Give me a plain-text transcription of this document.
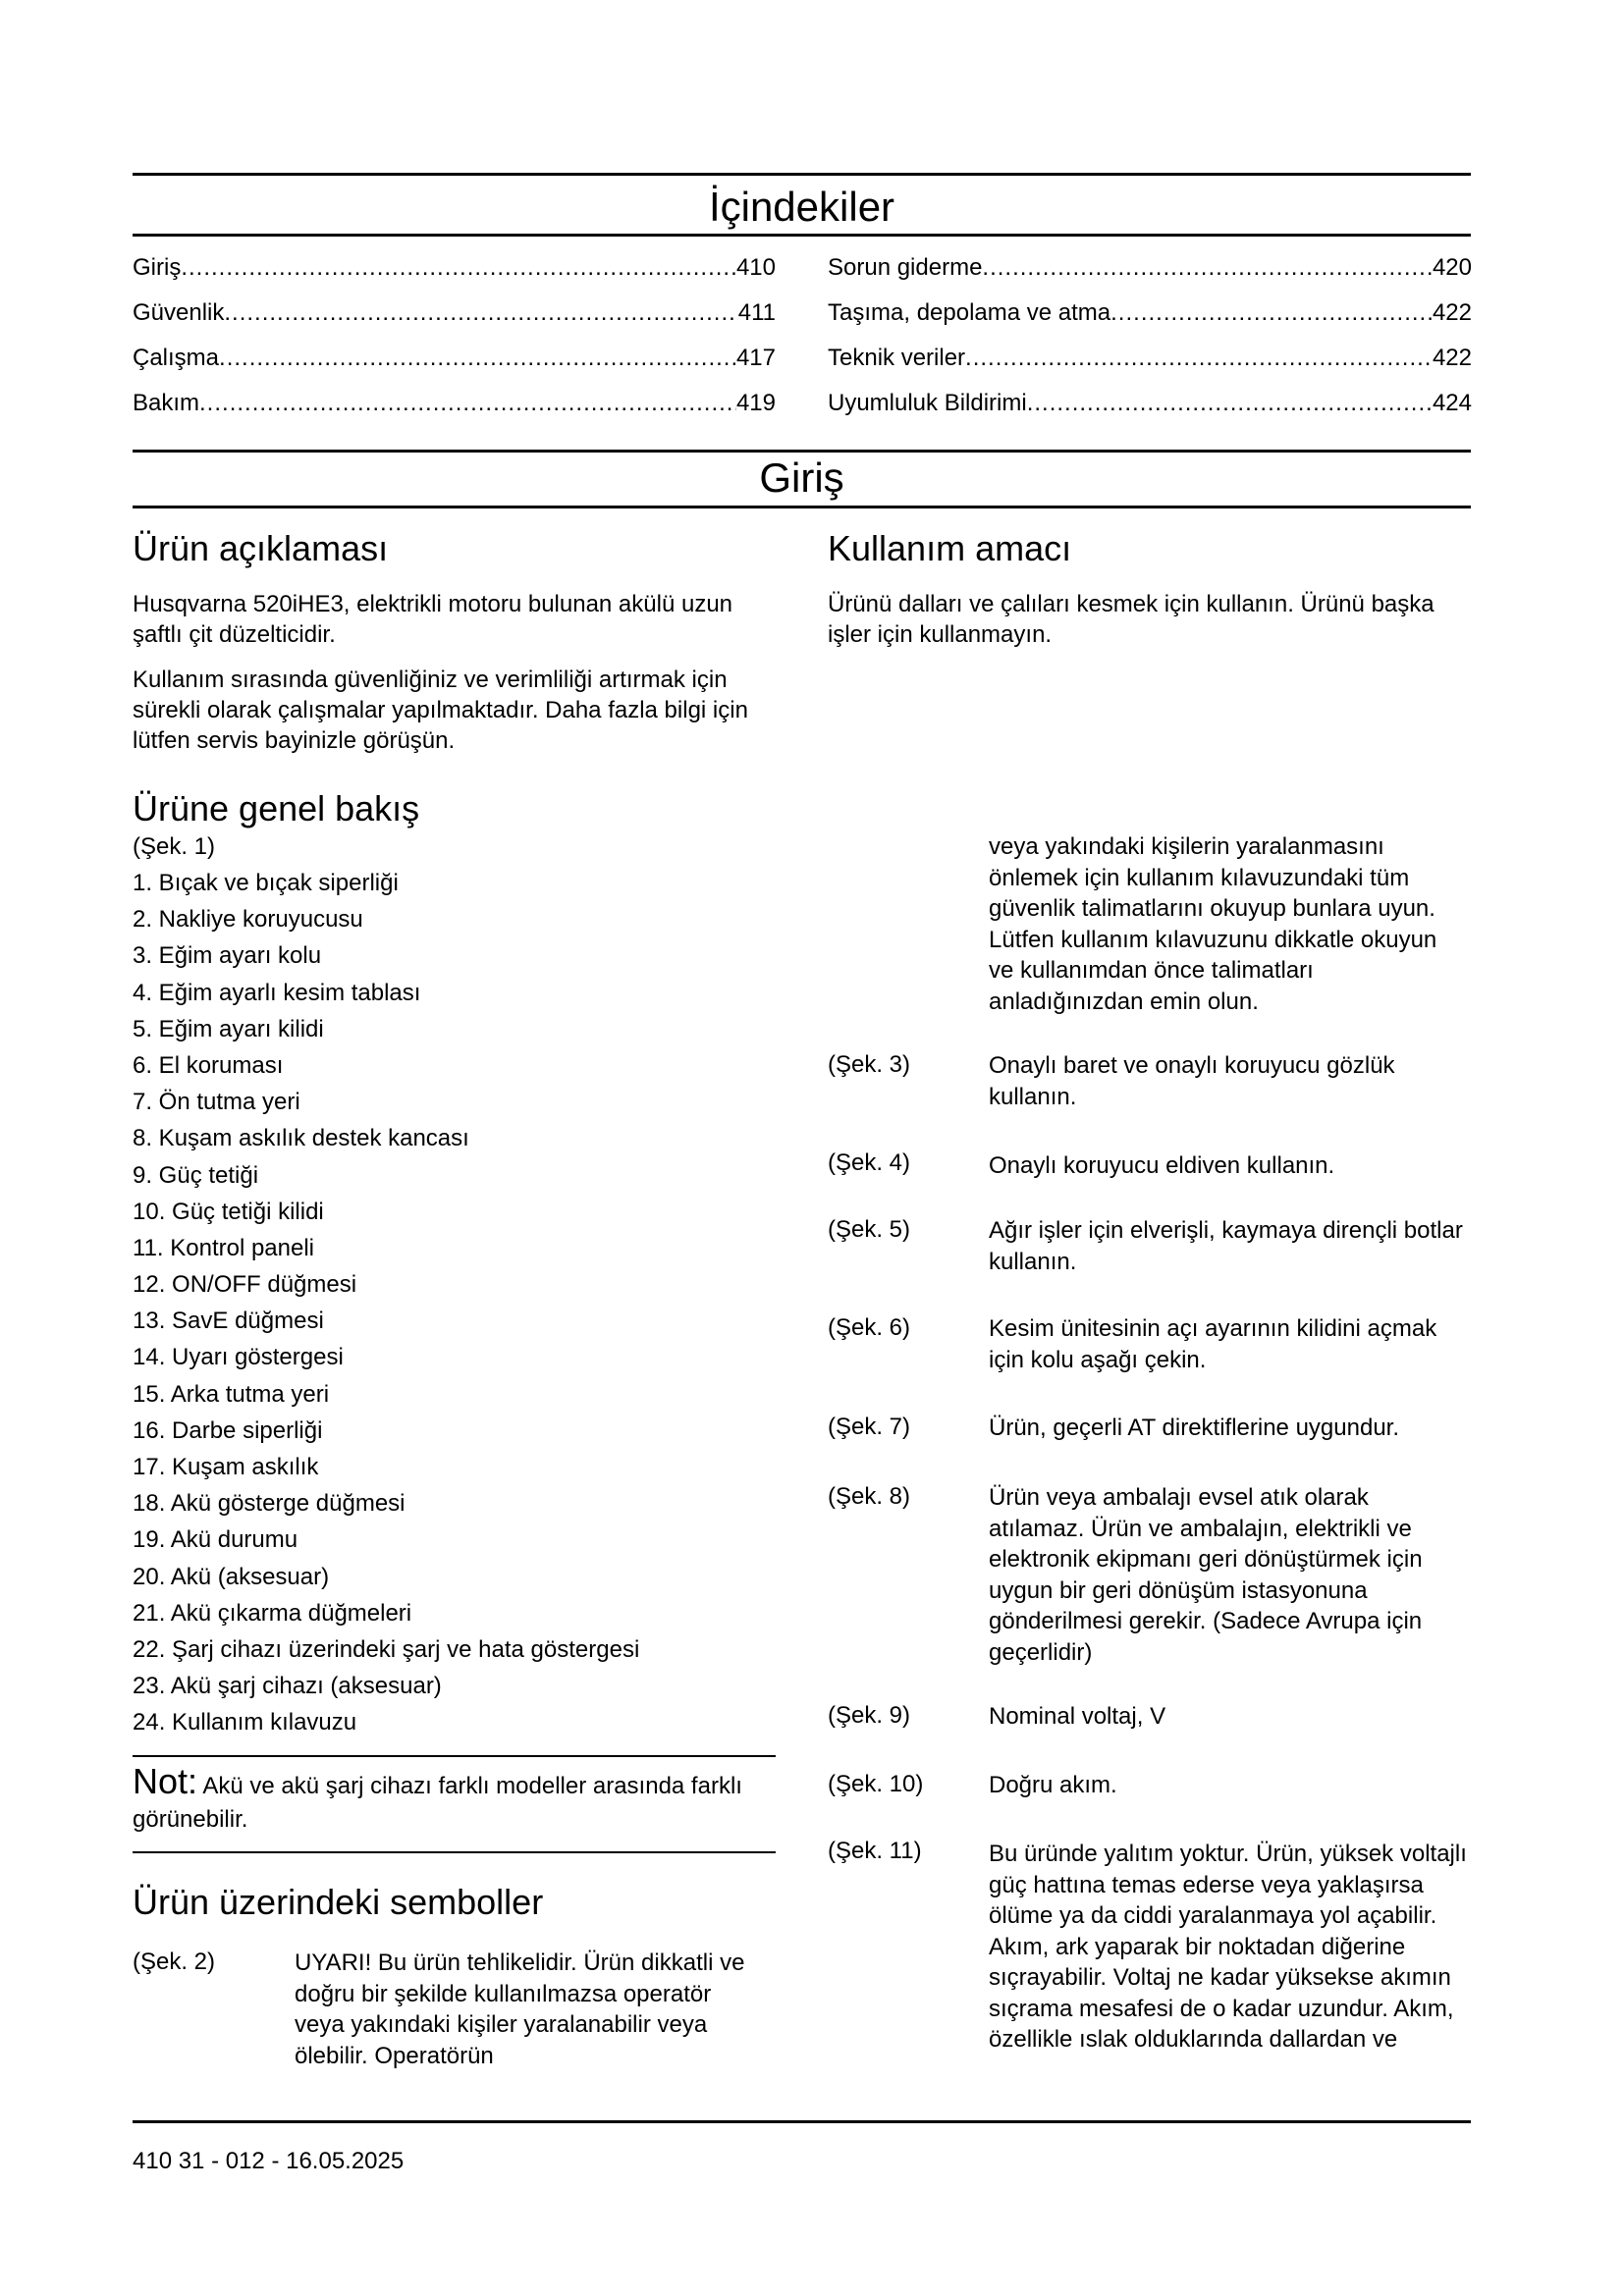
İçindekiler
Giriş .....	410
Güvenlik .....	411
Çalışma .....	417
Bakım .....	419
Sorun giderme .....	420
Taşıma, depolama ve atma .....	422
Teknik veriler .....	422
Uyumluluk Bildirimi .....	424
Giriş
Ürün açıklaması

Husqvarna 520iHE3, elektrikli motoru bulunan akülü uzun şaftlı çit düzelticidir.

Kullanım sırasında güvenliğiniz ve verimliliği artırmak için sürekli olarak çalışmalar yapılmaktadır. Daha fazla bilgi için lütfen servis bayinizle görüşün.

Ürüne genel bakış
(Şek. 1)
1. Bıçak ve bıçak siperliği
2. Nakliye koruyucusu
3. Eğim ayarı kolu
4. Eğim ayarlı kesim tablası
5. Eğim ayarı kilidi
6. El koruması
7. Ön tutma yeri
8. Kuşam askılık destek kancası
9. Güç tetiği
10. Güç tetiği kilidi
11. Kontrol paneli
12. ON/OFF düğmesi
13. SavE düğmesi
14. Uyarı göstergesi
15. Arka tutma yeri
16. Darbe siperliği
17. Kuşam askılık
18. Akü gösterge düğmesi
19. Akü durumu
20. Akü (aksesuar)
21. Akü çıkarma düğmeleri
22. Şarj cihazı üzerindeki şarj ve hata göstergesi
23. Akü şarj cihazı (aksesuar)
24. Kullanım kılavuzu

Not: Akü ve akü şarj cihazı farklı modeller arasında farklı görünebilir.

Ürün üzerindeki semboller
(Şek. 2)	UYARI! Bu ürün tehlikelidir. Ürün dikkatli ve doğru bir şekilde kullanılmazsa operatör veya yakındaki kişiler yaralanabilir veya ölebilir. Operatörün
Kullanım amacı

Ürünü dalları ve çalıları kesmek için kullanın. Ürünü başka işler için kullanmayın.

veya yakındaki kişilerin yaralanmasını önlemek için kullanım kılavuzundaki tüm güvenlik talimatlarını okuyup bunlara uyun. Lütfen kullanım kılavuzunu dikkatle okuyun ve kullanımdan önce talimatları anladığınızdan emin olun.

(Şek. 3)	Onaylı baret ve onaylı koruyucu gözlük kullanın.
(Şek. 4)	Onaylı koruyucu eldiven kullanın.
(Şek. 5)	Ağır işler için elverişli, kaymaya dirençli botlar kullanın.
(Şek. 6)	Kesim ünitesinin açı ayarının kilidini açmak için kolu aşağı çekin.
(Şek. 7)	Ürün, geçerli AT direktiflerine uygundur.
(Şek. 8)	Ürün veya ambalajı evsel atık olarak atılamaz. Ürün ve ambalajın, elektrikli ve elektronik ekipmanı geri dönüştürmek için uygun bir geri dönüşüm istasyonuna gönderilmesi gerekir. (Sadece Avrupa için geçerlidir)
(Şek. 9)	Nominal voltaj, V
(Şek. 10)	Doğru akım.
(Şek. 11)	Bu üründe yalıtım yoktur. Ürün, yüksek voltajlı güç hattına temas ederse veya yaklaşırsa ölüme ya da ciddi yaralanmaya yol açabilir. Akım, ark yaparak bir noktadan diğerine sıçrayabilir. Voltaj ne kadar yüksekse akımın sıçrama mesafesi de o kadar uzundur. Akım, özellikle ıslak olduklarında dallardan ve
410 31 - 012 - 16.05.2025
